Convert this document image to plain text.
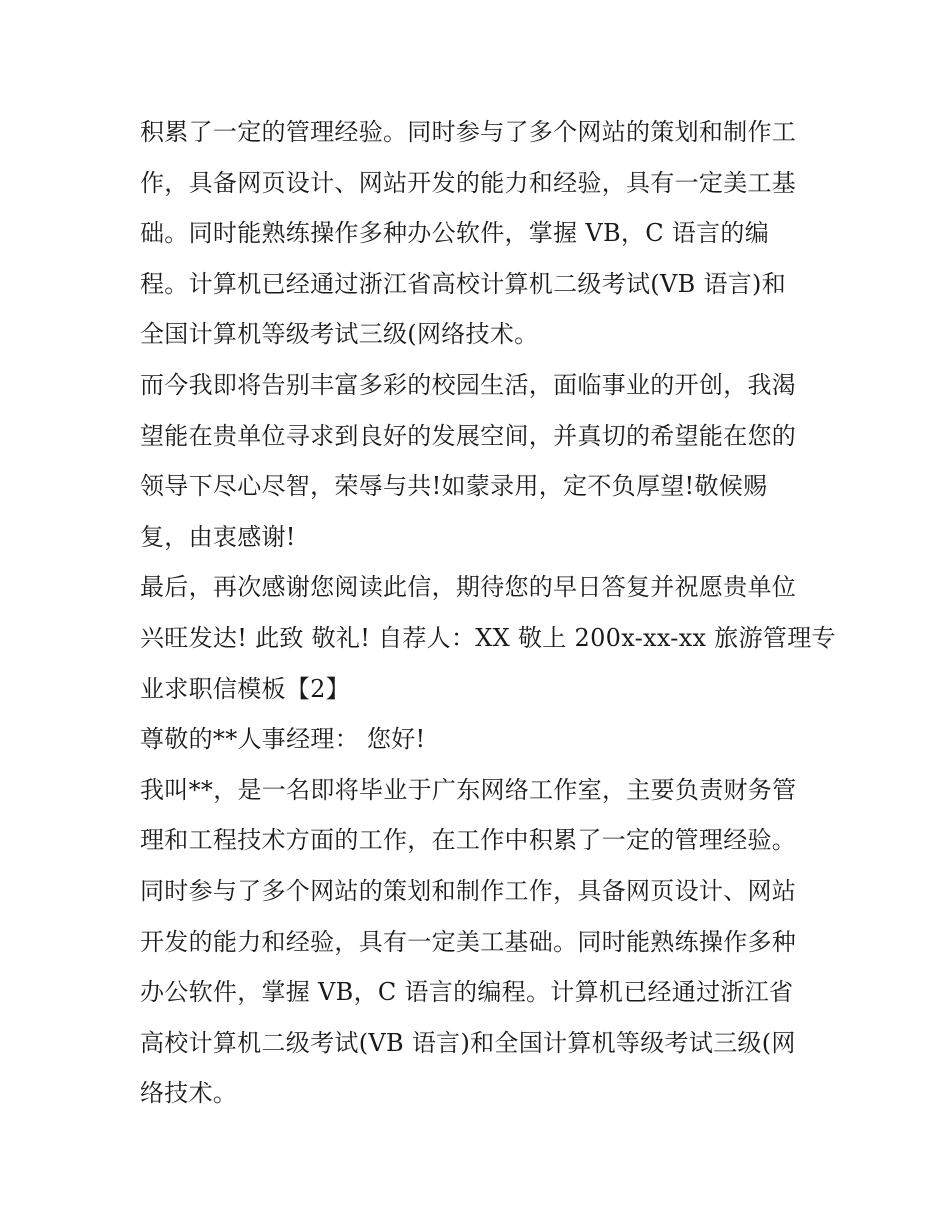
积累了一定的管理经验。同时参与了多个网站的策划和制作工
作，具备网页设计、网站开发的能力和经验，具有一定美工基
础。同时能熟练操作多种办公软件，掌握 VB，C 语言的编
程。计算机已经通过浙江省高校计算机二级考试(VB 语言)和
全国计算机等级考试三级(网络技术。
而今我即将告别丰富多彩的校园生活，面临事业的开创，我渴
望能在贵单位寻求到良好的发展空间，并真切的希望能在您的
领导下尽心尽智，荣辱与共!如蒙录用，定不负厚望!敬候赐
复，由衷感谢!
最后，再次感谢您阅读此信，期待您的早日答复并祝愿贵单位
兴旺发达! 此致 敬礼! 自荐人：XX 敬上 200x-xx-xx 旅游管理专
业求职信模板【2】
尊敬的**人事经理： 您好!
我叫**，是一名即将毕业于广东网络工作室，主要负责财务管
理和工程技术方面的工作，在工作中积累了一定的管理经验。
同时参与了多个网站的策划和制作工作，具备网页设计、网站
开发的能力和经验，具有一定美工基础。同时能熟练操作多种
办公软件，掌握 VB，C 语言的编程。计算机已经通过浙江省
高校计算机二级考试(VB 语言)和全国计算机等级考试三级(网
络技术。
